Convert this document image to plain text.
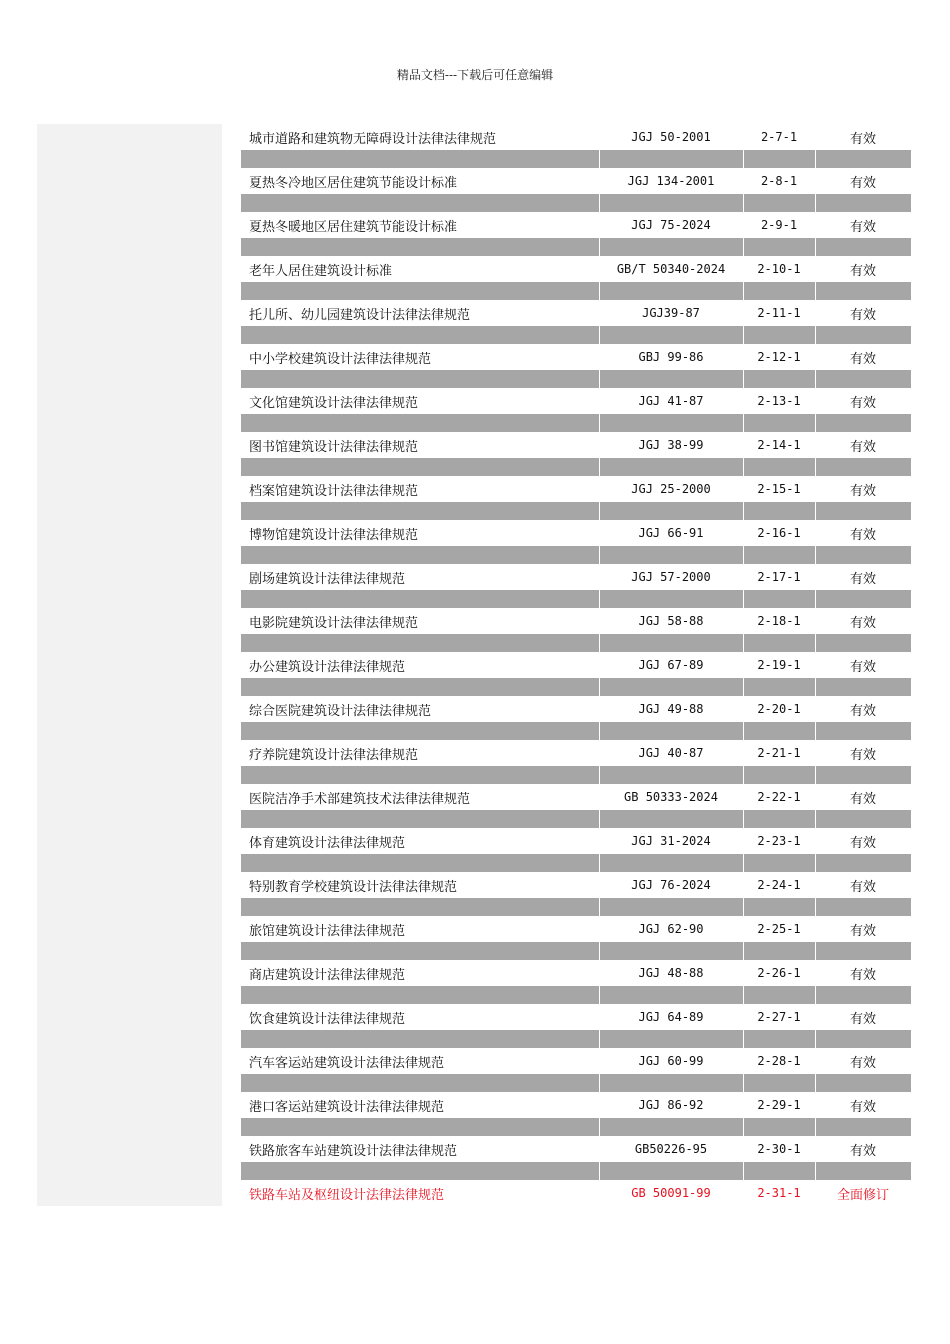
精品文档---下载后可任意编辑
城市道路和建筑物无障碍设计法律法律规范	JGJ 50-2001	2-7-1	有效
夏热冬冷地区居住建筑节能设计标准	JGJ 134-2001	2-8-1	有效
夏热冬暖地区居住建筑节能设计标准	JGJ 75-2024	2-9-1	有效
老年人居住建筑设计标准	GB/T 50340-2024	2-10-1	有效
托儿所、幼儿园建筑设计法律法律规范	JGJ39-87	2-11-1	有效
中小学校建筑设计法律法律规范	GBJ 99-86	2-12-1	有效
文化馆建筑设计法律法律规范	JGJ 41-87	2-13-1	有效
图书馆建筑设计法律法律规范	JGJ 38-99	2-14-1	有效
档案馆建筑设计法律法律规范	JGJ 25-2000	2-15-1	有效
博物馆建筑设计法律法律规范	JGJ 66-91	2-16-1	有效
剧场建筑设计法律法律规范	JGJ 57-2000	2-17-1	有效
电影院建筑设计法律法律规范	JGJ 58-88	2-18-1	有效
办公建筑设计法律法律规范	JGJ 67-89	2-19-1	有效
综合医院建筑设计法律法律规范	JGJ 49-88	2-20-1	有效
疗养院建筑设计法律法律规范	JGJ 40-87	2-21-1	有效
医院洁净手术部建筑技术法律法律规范	GB 50333-2024	2-22-1	有效
体育建筑设计法律法律规范	JGJ 31-2024	2-23-1	有效
特别教育学校建筑设计法律法律规范	JGJ 76-2024	2-24-1	有效
旅馆建筑设计法律法律规范	JGJ 62-90	2-25-1	有效
商店建筑设计法律法律规范	JGJ 48-88	2-26-1	有效
饮食建筑设计法律法律规范	JGJ 64-89	2-27-1	有效
汽车客运站建筑设计法律法律规范	JGJ 60-99	2-28-1	有效
港口客运站建筑设计法律法律规范	JGJ 86-92	2-29-1	有效
铁路旅客车站建筑设计法律法律规范	GB50226-95	2-30-1	有效
铁路车站及枢纽设计法律法律规范	GB 50091-99	2-31-1	全面修订
